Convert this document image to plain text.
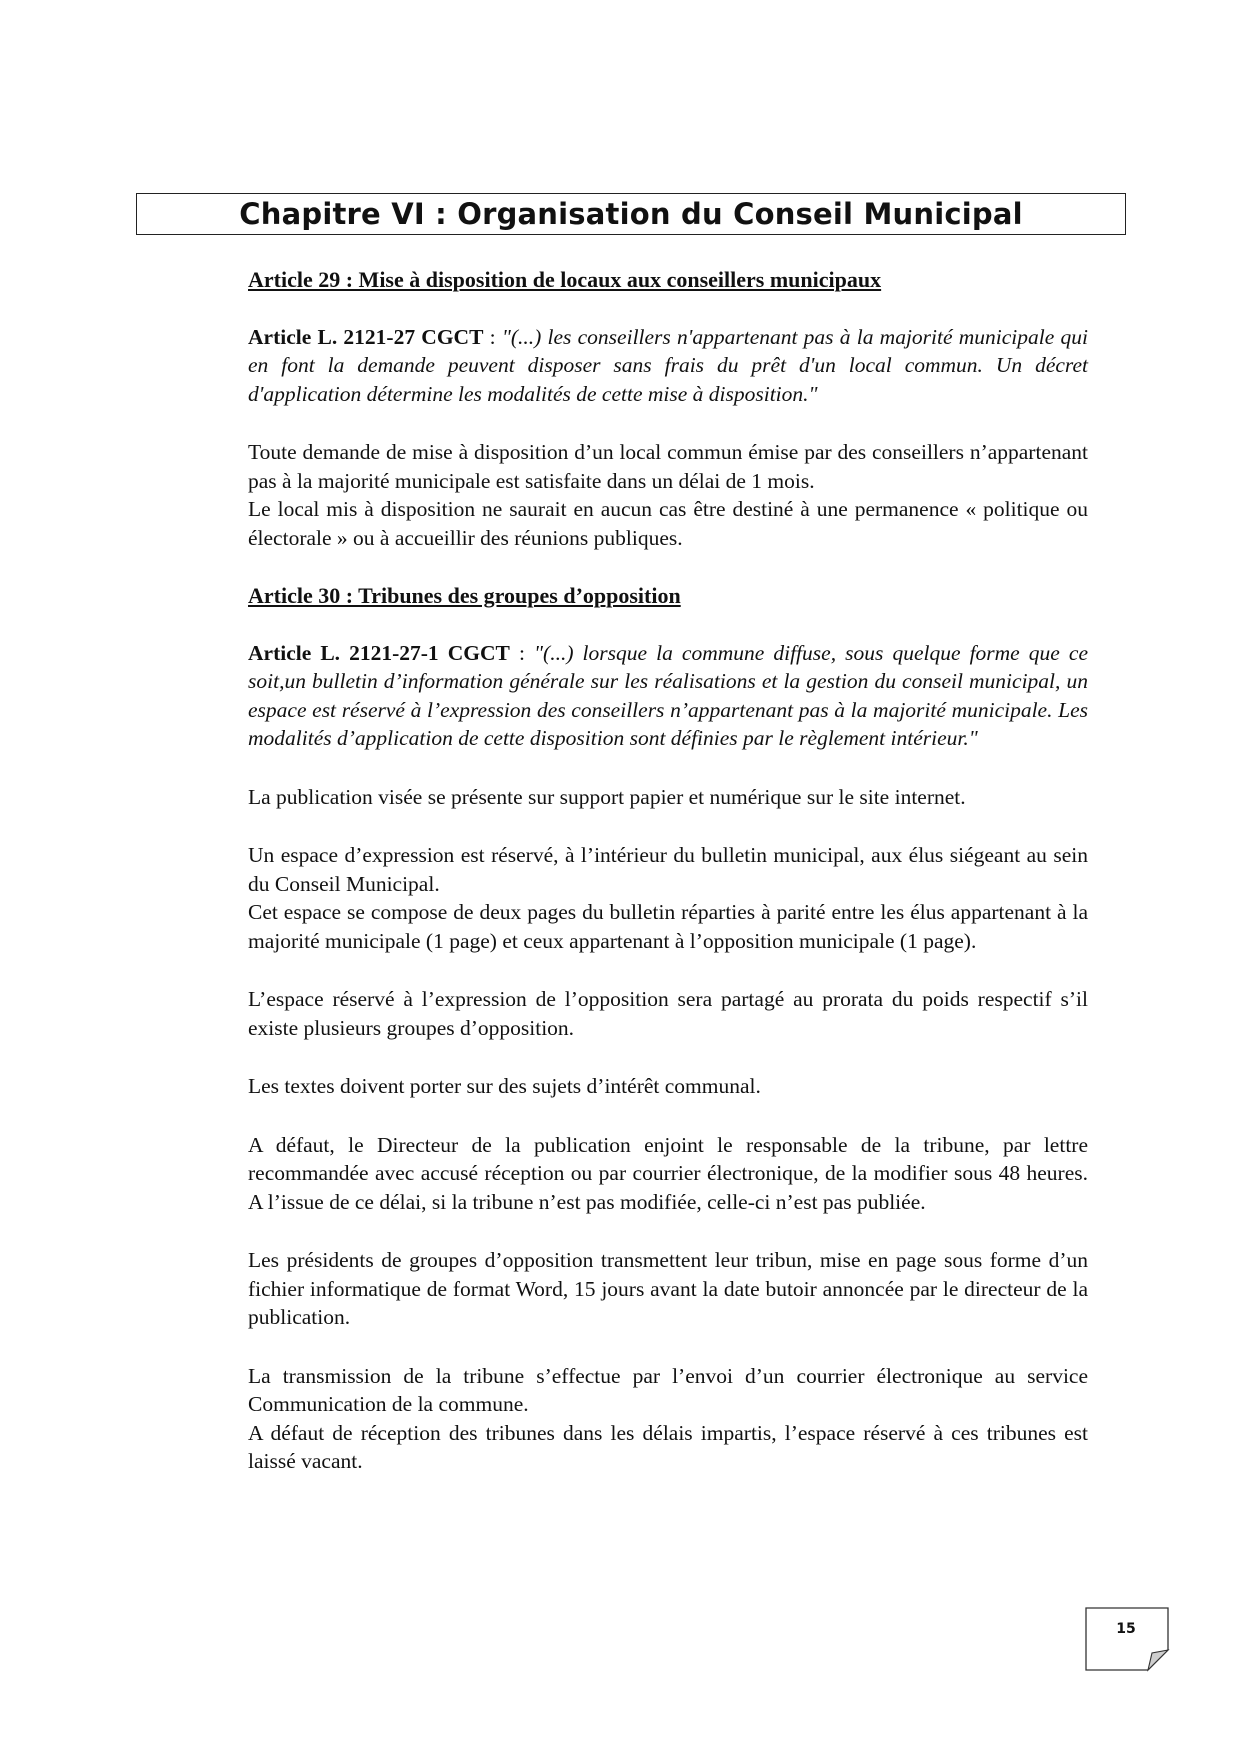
Chapitre VI : Organisation du Conseil Municipal

Article 29 : Mise à disposition de locaux aux conseillers municipaux

Article L. 2121-27 CGCT : "(...) les conseillers n'appartenant pas à la majorité municipale qui en font la demande peuvent disposer sans frais du prêt d'un local commun. Un décret d'application détermine les modalités de cette mise à disposition."

Toute demande de mise à disposition d’un local commun émise par des conseillers n’appartenant pas à la majorité municipale est satisfaite dans un délai de 1 mois.

Le local mis à disposition ne saurait en aucun cas être destiné à une permanence « politique ou électorale » ou à accueillir des réunions publiques.

Article 30 : Tribunes des groupes d’opposition

Article L. 2121-27-1 CGCT : "(...) lorsque la commune diffuse, sous quelque forme que ce soit,un bulletin d’information générale sur les réalisations et la gestion du conseil municipal, un espace est réservé à l’expression des conseillers n’appartenant pas à la majorité municipale. Les modalités d’application de cette disposition sont définies par le règlement intérieur."

La publication visée se présente sur support papier et numérique sur le site internet.

Un espace d’expression est réservé, à l’intérieur du bulletin municipal, aux élus siégeant au sein du Conseil Municipal.

Cet espace se compose de deux pages du bulletin réparties à parité entre les élus appartenant à la majorité municipale (1 page) et ceux appartenant à l’opposition municipale (1 page).

L’espace réservé à l’expression de l’opposition sera partagé au prorata du poids respectif s’il existe plusieurs groupes d’opposition.

Les textes doivent porter sur des sujets d’intérêt communal.

A défaut, le Directeur de la publication enjoint le responsable de la tribune, par lettre recommandée avec accusé réception ou par courrier électronique, de la modifier sous 48 heures. A l’issue de ce délai, si la tribune n’est pas modifiée, celle-ci n’est pas publiée.

Les présidents de groupes d’opposition transmettent leur tribun, mise en page sous forme d’un fichier informatique de format Word, 15 jours avant la date butoir annoncée par le directeur de la publication.

La transmission de la tribune s’effectue par l’envoi d’un courrier électronique au service Communication de la commune.

A défaut de réception des tribunes dans les délais impartis, l’espace réservé à ces tribunes est laissé vacant.

15
